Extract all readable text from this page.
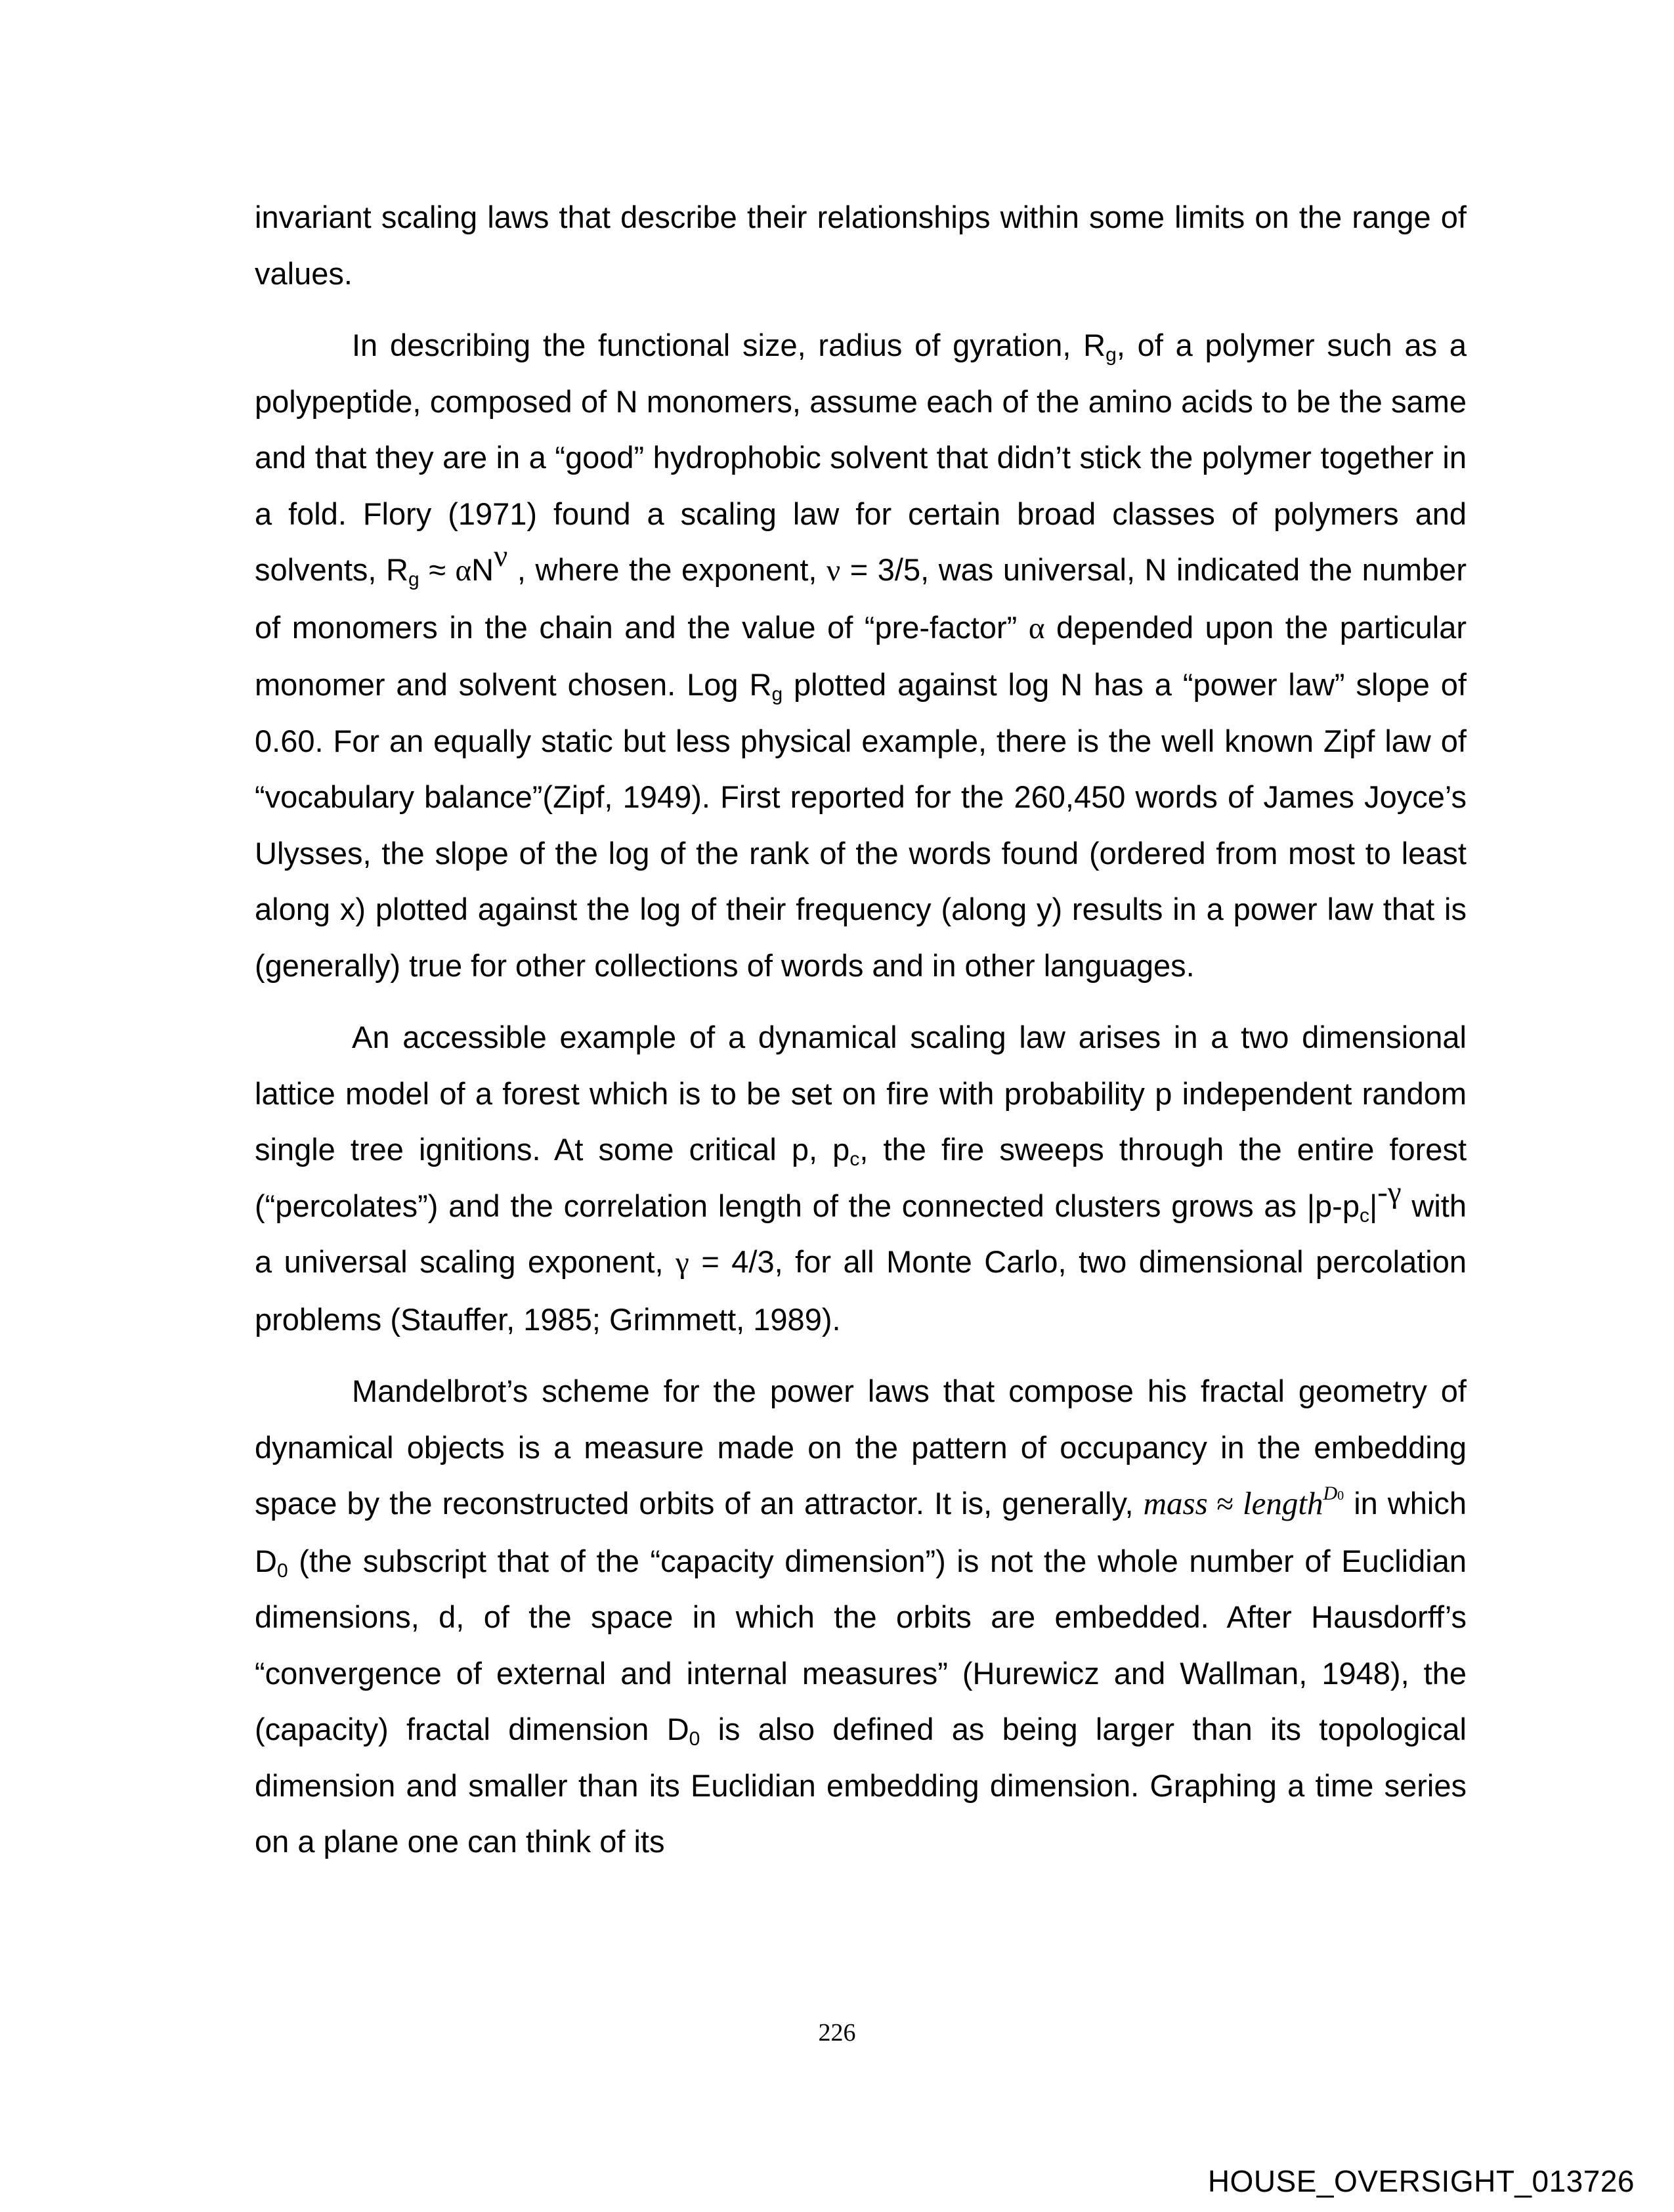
invariant scaling laws that describe their relationships within some limits on the range of values.

In describing the functional size, radius of gyration, $R_g$, of a polymer such as a polypeptide, composed of N monomers, assume each of the amino acids to be the same and that they are in a “good” hydrophobic solvent that didn’t stick the polymer together in a fold. Flory (1971) found a scaling law for certain broad classes of polymers and solvents, $R_g \approx \alpha N^\nu$ , where the exponent, ν = 3/5, was universal, N indicated the number of monomers in the chain and the value of “pre-factor” α depended upon the particular monomer and solvent chosen. Log $R_g$ plotted against log N has a “power law” slope of 0.60. For an equally static but less physical example, there is the well known Zipf law of “vocabulary balance”(Zipf, 1949). First reported for the 260,450 words of James Joyce’s Ulysses, the slope of the log of the rank of the words found (ordered from most to least along x) plotted against the log of their frequency (along y) results in a power law that is (generally) true for other collections of words and in other languages.

An accessible example of a dynamical scaling law arises in a two dimensional lattice model of a forest which is to be set on fire with probability p independent random single tree ignitions. At some critical p, $p_c$, the fire sweeps through the entire forest (“percolates”) and the correlation length of the connected clusters grows as $|p-p_c|^{-\gamma}$ with a universal scaling exponent, γ = 4/3, for all Monte Carlo, two dimensional percolation problems (Stauffer, 1985; Grimmett, 1989).

Mandelbrot’s scheme for the power laws that compose his fractal geometry of dynamical objects is a measure made on the pattern of occupancy in the embedding space by the reconstructed orbits of an attractor. It is, generally, mass ≈ length$^{D0}$ in which $D_0$ (the subscript that of the “capacity dimension”) is not the whole number of Euclidian dimensions, d, of the space in which the orbits are embedded. After Hausdorff’s “convergence of external and internal measures” (Hurewicz and Wallman, 1948), the (capacity) fractal dimension $D_0$ is also defined as being larger than its topological dimension and smaller than its Euclidian embedding dimension. Graphing a time series on a plane one can think of its

226
HOUSE_OVERSIGHT_013726
